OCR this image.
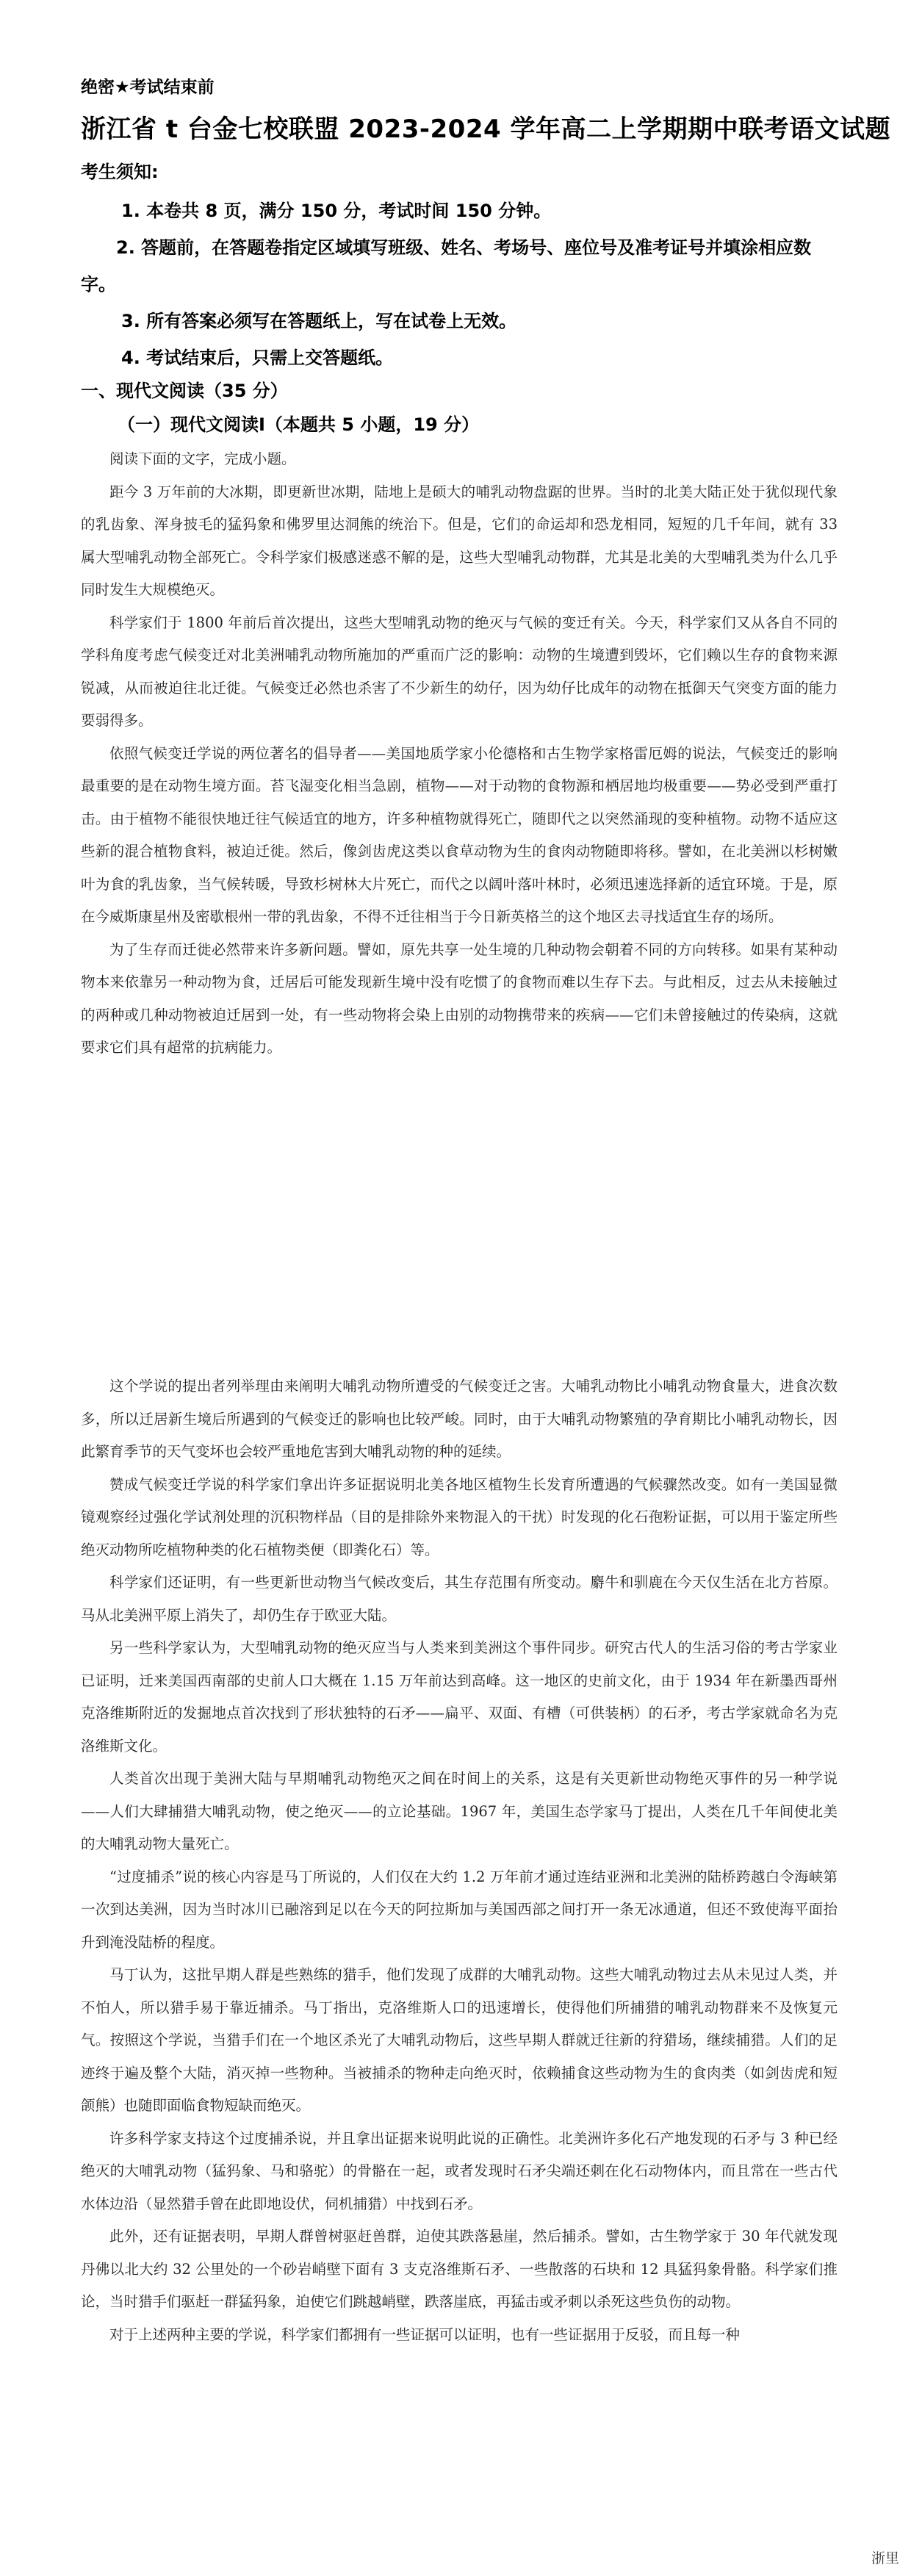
绝密★考试结束前
浙江省 t 台金七校联盟 2023-2024 学年高二上学期期中联考语文试题
考生须知:
1. 本卷共 8 页，满分 150 分，考试时间 150 分钟。
2. 答题前，在答题卷指定区域填写班级、姓名、考场号、座位号及准考证号并填涂相应数字。
3. 所有答案必须写在答题纸上，写在试卷上无效。
4. 考试结束后，只需上交答题纸。
一、现代文阅读（35 分）
（一）现代文阅读Ⅰ（本题共 5 小题，19 分）

阅读下面的文字，完成小题。

距今 3 万年前的大冰期，即更新世冰期，陆地上是硕大的哺乳动物盘踞的世界。当时的北美大陆正处于犹似现代象的乳齿象、浑身披毛的猛犸象和佛罗里达洞熊的统治下。但是，它们的命运却和恐龙相同，短短的几千年间，就有 33 属大型哺乳动物全部死亡。令科学家们极感迷惑不解的是，这些大型哺乳动物群，尤其是北美的大型哺乳类为什么几乎同时发生大规模绝灭。

科学家们于 1800 年前后首次提出，这些大型哺乳动物的绝灭与气候的变迁有关。今天，科学家们又从各自不同的学科角度考虑气候变迁对北美洲哺乳动物所施加的严重而广泛的影响：动物的生境遭到毁坏，它们赖以生存的食物来源锐减，从而被迫往北迁徙。气候变迁必然也杀害了不少新生的幼仔，因为幼仔比成年的动物在抵御天气突变方面的能力要弱得多。

依照气候变迁学说的两位著名的倡导者——美国地质学家小伦德格和古生物学家格雷厄姆的说法，气候变迁的影响最重要的是在动物生境方面。苔飞湿变化相当急剧，植物——对于动物的食物源和栖居地均极重要——势必受到严重打击。由于植物不能很快地迁往气候适宜的地方，许多种植物就得死亡，随即代之以突然涌现的变种植物。动物不适应这些新的混合植物食料，被迫迁徙。然后，像剑齿虎这类以食草动物为生的食肉动物随即将移。譬如，在北美洲以杉树嫩叶为食的乳齿象，当气候转暖，导致杉树林大片死亡，而代之以阔叶落叶林时，必须迅速选择新的适宜环境。于是，原在今威斯康星州及密歇根州一带的乳齿象，不得不迁往相当于今日新英格兰的这个地区去寻找适宜生存的场所。

为了生存而迁徙必然带来许多新问题。譬如，原先共享一处生境的几种动物会朝着不同的方向转移。如果有某种动物本来依靠另一种动物为食，迁居后可能发现新生境中没有吃惯了的食物而难以生存下去。与此相反，过去从未接触过的两种或几种动物被迫迁居到一处，有一些动物将会染上由别的动物携带来的疾病——它们未曾接触过的传染病，这就要求它们具有超常的抗病能力。

这个学说的提出者列举理由来阐明大哺乳动物所遭受的气候变迁之害。大哺乳动物比小哺乳动物食量大，进食次数多，所以迁居新生境后所遇到的气候变迁的影响也比较严峻。同时，由于大哺乳动物繁殖的孕育期比小哺乳动物长，因此繁育季节的天气变坏也会较严重地危害到大哺乳动物的种的延续。

赞成气候变迁学说的科学家们拿出许多证据说明北美各地区植物生长发育所遭遇的气候骤然改变。如有一美国显微镜观察经过强化学试剂处理的沉积物样品（目的是排除外来物混入的干扰）时发现的化石孢粉证据，可以用于鉴定所些绝灭动物所吃植物种类的化石植物类便（即粪化石）等。

科学家们还证明，有一些更新世动物当气候改变后，其生存范围有所变动。麝牛和驯鹿在今天仅生活在北方苔原。马从北美洲平原上消失了，却仍生存于欧亚大陆。

另一些科学家认为，大型哺乳动物的绝灭应当与人类来到美洲这个事件同步。研究古代人的生活习俗的考古学家业已证明，迁来美国西南部的史前人口大概在 1.15 万年前达到高峰。这一地区的史前文化，由于 1934 年在新墨西哥州克洛维斯附近的发掘地点首次找到了形状独特的石矛——扁平、双面、有槽（可供装柄）的石矛，考古学家就命名为克洛维斯文化。

人类首次出现于美洲大陆与早期哺乳动物绝灭之间在时间上的关系，这是有关更新世动物绝灭事件的另一种学说——人们大肆捕猎大哺乳动物，使之绝灭——的立论基础。1967 年，美国生态学家马丁提出，人类在几千年间使北美的大哺乳动物大量死亡。

“过度捕杀”说的核心内容是马丁所说的，人们仅在大约 1.2 万年前才通过连结亚洲和北美洲的陆桥跨越白令海峡第一次到达美洲，因为当时冰川已融溶到足以在今天的阿拉斯加与美国西部之间打开一条无冰通道，但还不致使海平面抬升到淹没陆桥的程度。

马丁认为，这批早期人群是些熟练的猎手，他们发现了成群的大哺乳动物。这些大哺乳动物过去从未见过人类，并不怕人，所以猎手易于靠近捕杀。马丁指出，克洛维斯人口的迅速增长，使得他们所捕猎的哺乳动物群来不及恢复元气。按照这个学说，当猎手们在一个地区杀光了大哺乳动物后，这些早期人群就迁往新的狩猎场，继续捕猎。人们的足迹终于遍及整个大陆，消灭掉一些物种。当被捕杀的物种走向绝灭时，依赖捕食这些动物为生的食肉类（如剑齿虎和短颌熊）也随即面临食物短缺而绝灭。

许多科学家支持这个过度捕杀说，并且拿出证据来说明此说的正确性。北美洲许多化石产地发现的石矛与 3 种已经绝灭的大哺乳动物（猛犸象、马和骆驼）的骨骼在一起，或者发现时石矛尖端还刺在化石动物体内，而且常在一些古代水体边沿（显然猎手曾在此即地设伏，伺机捕猎）中找到石矛。

此外，还有证据表明，早期人群曾树驱赶兽群，迫使其跌落悬崖，然后捕杀。譬如，古生物学家于 30 年代就发现丹佛以北大约 32 公里处的一个砂岩峭壁下面有 3 支克洛维斯石矛、一些散落的石块和 12 具猛犸象骨骼。科学家们推论，当时猎手们驱赶一群猛犸象，迫使它们跳越峭壁，跌落崖底，再猛击或矛刺以杀死这些负伤的动物。

对于上述两种主要的学说，科学家们都拥有一些证据可以证明，也有一些证据用于反驳，而且每一种

浙里
